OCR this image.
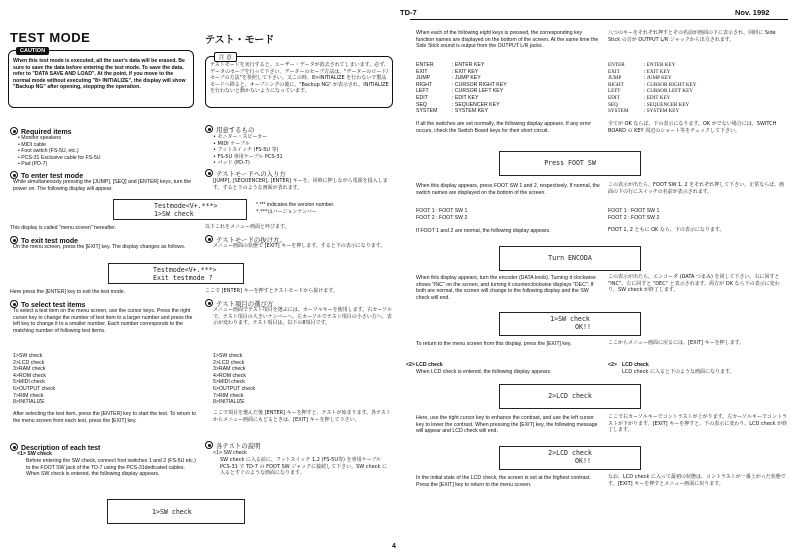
TD-7	Nov. 1992
TEST MODE	テスト・モード
CAUTION
When this test mode is executed, all the user's data will be erased. Be sure to save the data before entering the test mode. To save the data, refer to "DATA SAVE AND LOAD". At the point, if you move to the normal mode without executing "8> INITIALIZE", the display will show "Backup NG" after opening, stopping the operation.
注 意
テストモードを実行すると、ユーザー・データが消去されてしまいます。必ず、データのセーブを行って下さい。データーのセーブ方法は、"データーのロード/セーブの方法"を参照して下さい。又この時、8>INITIALIZE を行わないで製品モードへ移ると、オープニングの後に、"Backup NG" が表示され、INITIALIZE を行わないと動かないようになっています。
Required items
• Monitor speakers
• MIDI cable
• Foot switch (FS-5U, etc.)
• PCS-31 Exclusive cable for FS-5U
• Pad (PD-7)
用意するもの
• モニター・スピーカー
• MIDI ケーブル
• フットスイッチ (FS-5U 等)
• FS-5U 専用ケーブル PCS-31
• パッド (PD-7)
To enter test mode
While simultaneously pressing the [JUMP], [SEQ] and [ENTER] keys, turn the power on. The following display will appear.
テストモードへの入り方
[JUMP], [SEQUENCER], [ENTER] キーを、同時に押しながら電源を投入します。すると下のような画面が表れます。
Testmode<V+.***>
1>SW check
*.*** indicates the version number.
*.***はバージョンナンバー
This display is called "menu screen" hereafter.	以下これをメニュー画面と呼びます。
To exit test mode
On the menu screen, press the [EXIT] key. The display changes as follows.
テストモードの抜け方。
メニュー画面の状態で [EXIT] キーを押します。すると下の表示になります。
Testmode<V+.***>
Exit testmode ?
Here press the [ENTER] key to exit the test mode.	ここで [ENTER] キーを押すとテストモードから抜けます。
To select test items
To select a test item on the menu screen, use the cursor keys. Press the right cursor key to change the number of test item to a larger number and press the left key to change it to a smaller number. Each number corresponds to the matching number of following test items.
テスト項目の選び方
メニュー画面でテスト項目を選ぶには、カーソルキーを使用します。右カーソルで、テスト項目の大きいナンバーへ、左カーソルでテスト項目の小さい方へ、表示が変わります。テスト項目は、以下の8項目です。
1>SW check
2>LCD check
3>RAM check
4>ROM check
5>MIDI check
6>OUTPUT check
7>RIM check
8>INITIALIZE
1>SW check
2>LCD check
3>RAM check
4>ROM check
5>MIDI check
6>OUTPUT check
7>RIM check
8>INITIALIZE
After selecting the test item, press the [ENTER] key to start the test. To return to the menu screen from each test, press the [EXIT] key.
ここで項目を選んだ後 [ENTER] キーを押すと、テストが始まります。各テストからメニュー画面にもどるときは、[EXIT] キーを押して下さい。
Description of each test
<1> SW check
Before entering the SW check, connect foot switches 1 and 2 (FS-5U etc.) to the FOOT SW jack of the TD-7 using the PCS-31dedicated cables. When SW check is entered, the following display appears.
各テストの説明
<1> SW check
SW check に入る前に、フットスイッチ 1,2 (FS-5U等) を専用ケーブル PCS-31 で TD-7 の FOOT SW ジャックに接続して下さい。SW check に入るとすぐのような画面になります。
1>SW check
4
When each of the following eight keys is pressed, the corresponding key function names are displayed on the bottom of the screen. At the same time the Side Stick sound is output from the OUTPUT L/R jacks.
八つのキーをそれぞれ押すとその名前が画面の下に表示され、同時に Side Stick の音が OUTPUT L/R ジャックから出力されます。
ENTER	: ENTER KEY
EXIT	: EXIT KEY
JUMP	: JUMP KEY
RIGHT	: CURSOR RIGHT KEY
LEFT	: CURSOR LEFT KEY
EDIT	: EDIT KEY
SEQ	: SEQUENCER KEY
SYSTEM	: SYSTEM KEY
ENTER	: ENTER KEY
EXIT	: EXIT KEY
JUMP	: JUMP KEY
RIGHT	: CURSOR RIGHT KEY
LEFT	: CURSOR LEFT KEY
EDIT	: EDIT KEY
SEQ	: SEQUENCER KEY
SYSTEM	: SYSTEM KEY
If all the switches are set normally, the following display appears. If any error occurs, check the Switch Board keys for their short circuit.
全てが OK ならば、下の表示になります。OK がでない場合には、SWITCH BOARD の KEY 周辺のショート等をチェックして下さい。
Press FOOT SW
When this display appears, press FOOT SW 1 and 2, respectively. If normal, the switch names are displayed on the bottom of the screen.
この表示が出たら、FOOT SW 1, 2 をそれぞれ押して下さい。正常ならば、画面の下の行にスイッチの名前が表示されます。
FOOT 1 : FOOT SW 1
FOOT 2 : FOOT SW 2
FOOT 1 : FOOT SW 1
FOOT 2 : FOOT SW 2
If FOOT 1 and 2 are normal, the following display appears.	FOOT 1, 2 ともに OK なら、下の表示になります。
Turn ENCODA
When this display appears, turn the encoder (DATA knob). Turning it clockwise shows "INC" on the screen, and turning it counterclockwise displays "DEC". If both are normal, the screen will change to the following display and the SW check will end.
この表示が出たら、エンコーダ (DATA つまみ) を回して下さい。右に回すと "INC"、左に回すと "DEC" と表示されます。両方が OK なら下の表示に変わり、SW check が終了します。
1>SW check
OK!!
To return to the menu screen from this display, press the [EXIT] key.	ここからメニュー画面に戻るには、[EXIT] キーを押します。
<2> LCD check
When LCD check is entered, the following display appears.
<2> LCD check
LCD check に入ると下のような画面になります。
2>LCD check
Here, use the right cursor key to enhance the contrast, and use the left cursor key to lower the contrast. When pressing the [EXIT] key, the following message will appear and LCD check will end.
ここで右カーソルキーでコントラストが上がります。左カーソルキーでコントラストが下がります。[EXIT] キーを押すと、下の表示に変わり、LCD check が終了します。
2>LCD check
OK!!
In the initial state of the LCD check, the screen is set at the highest contrast. Press the [EXIT] key to return to the menu screen.
なお、LCD check に入って最初の状態は、コントラストが一番上がった状態です。[EXIT] キーを押すとメニュー画面に戻ります。
